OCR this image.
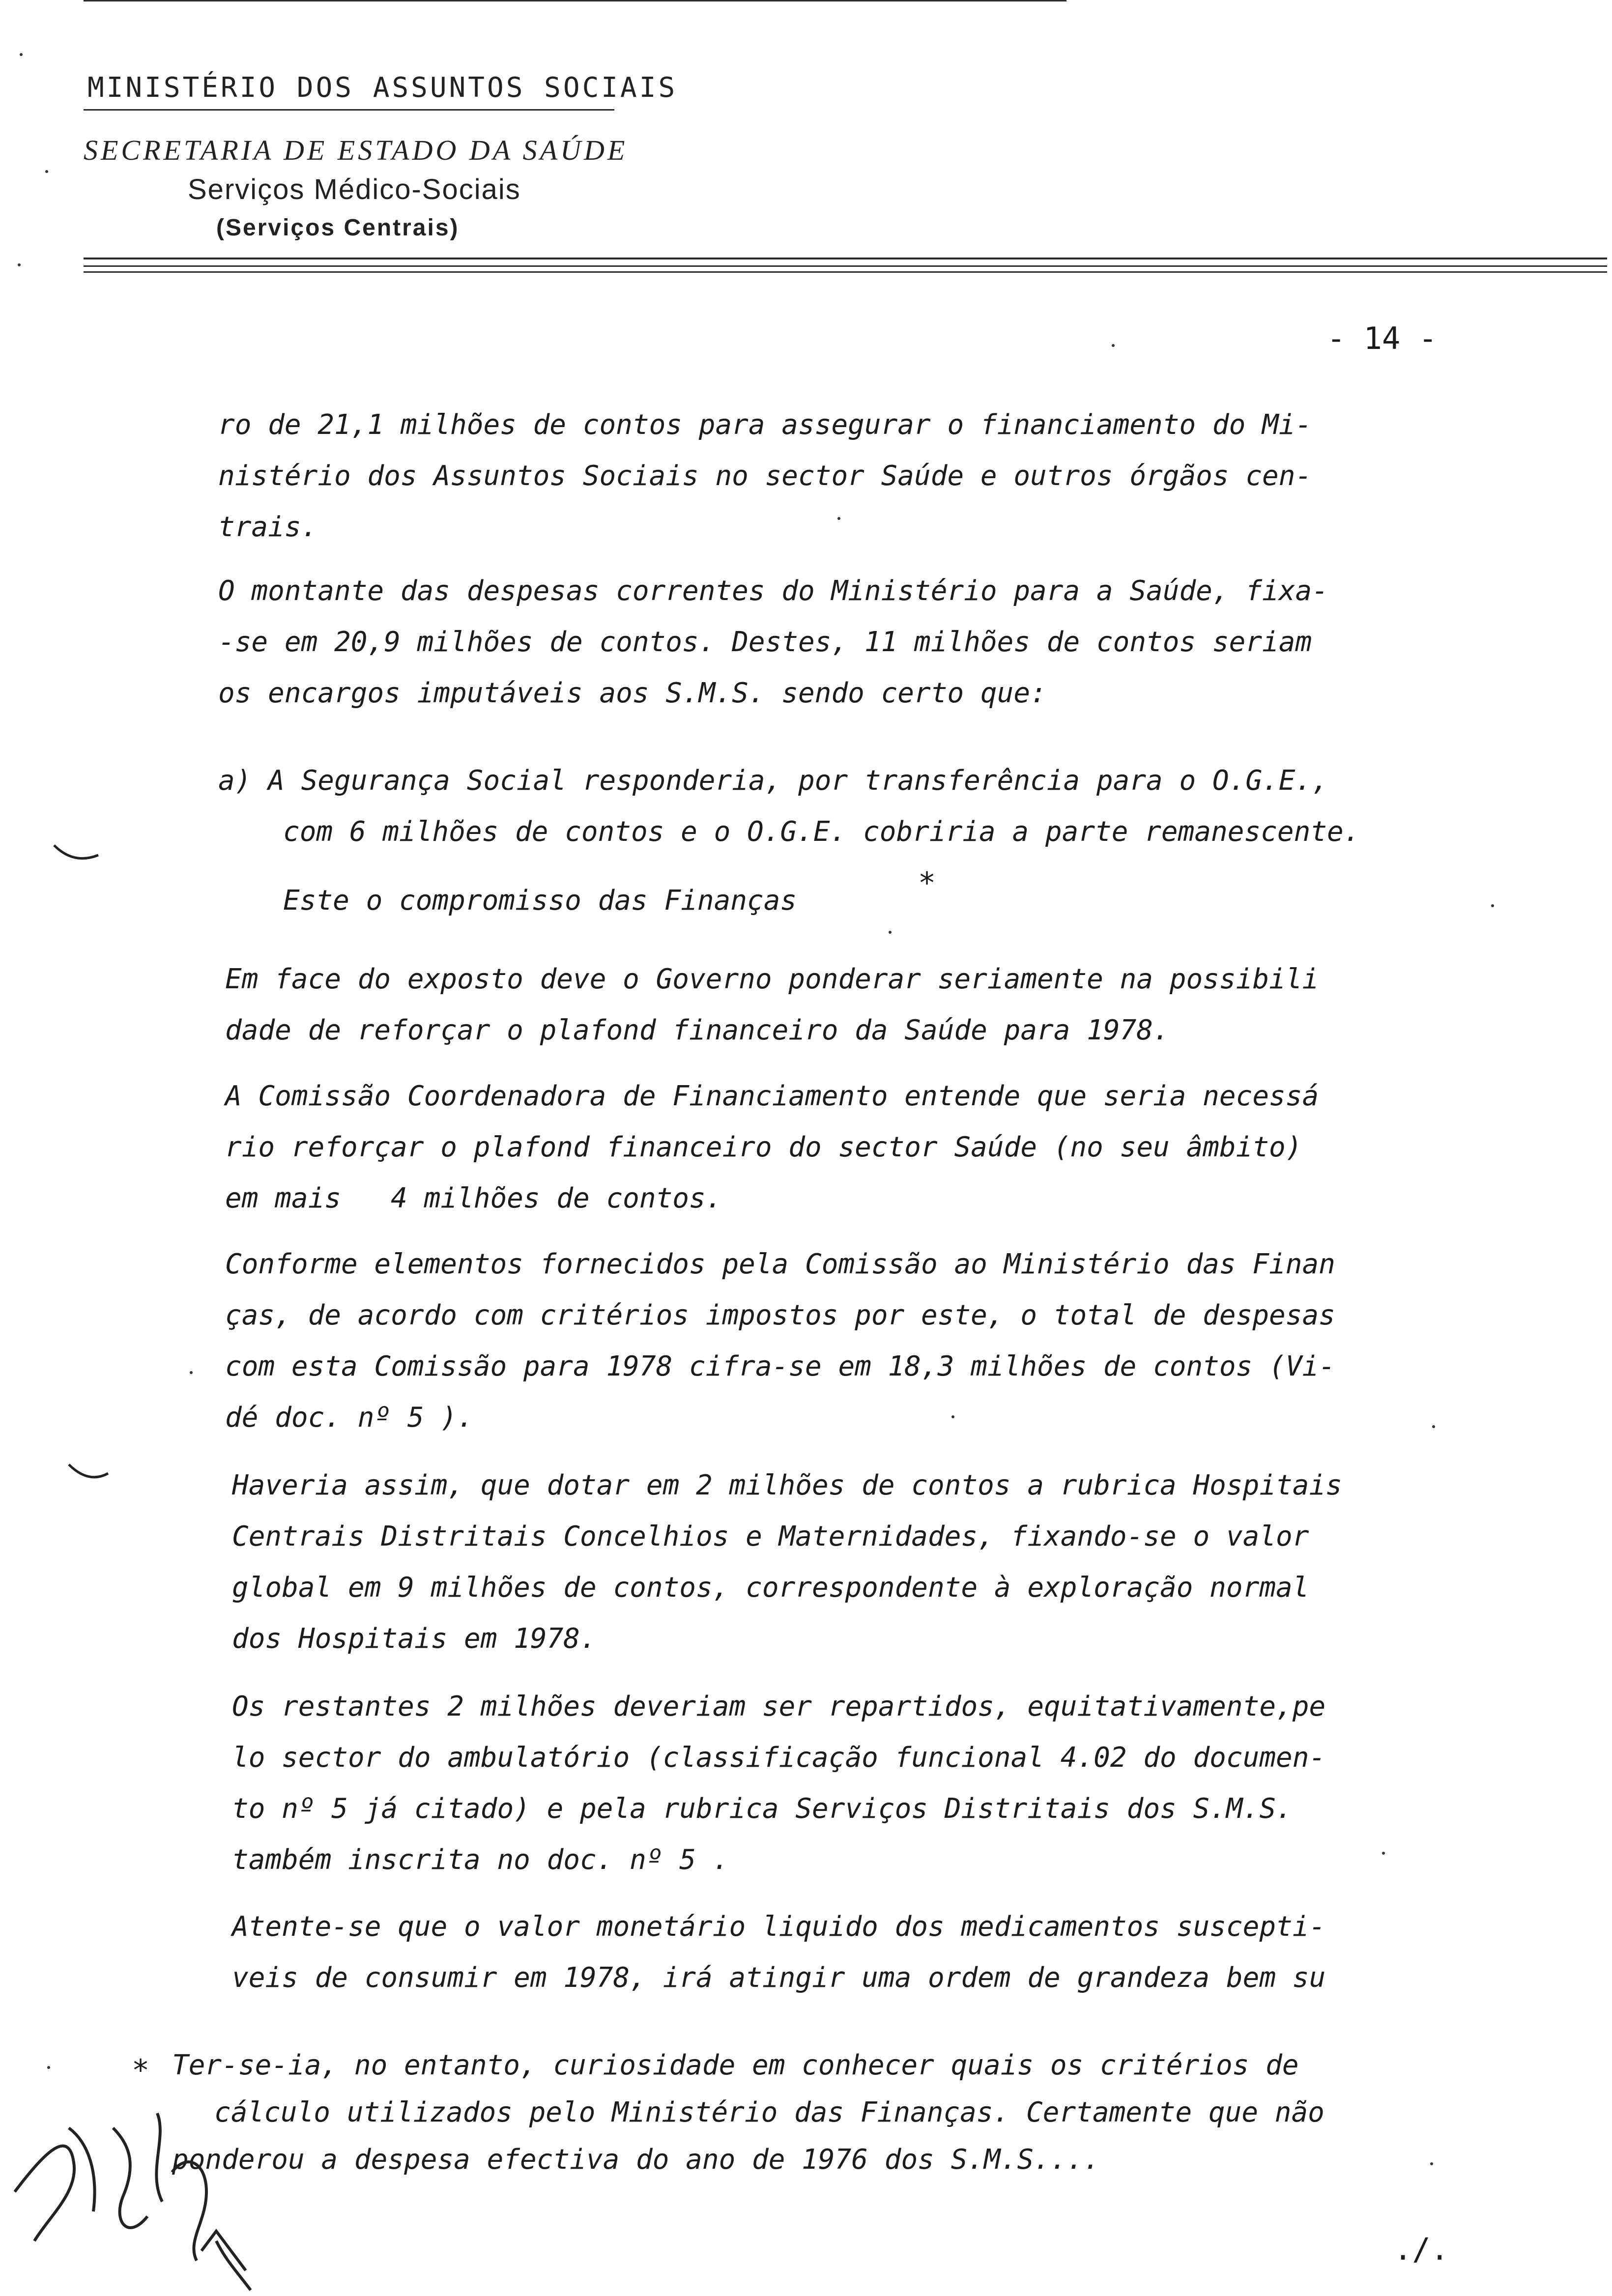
MINISTÉRIO DOS ASSUNTOS SOCIAIS
SECRETARIA DE ESTADO DA SAÚDE
Serviços Médico-Sociais
(Serviços Centrais)
- 14 -
ro de 21,1 milhões de contos para assegurar o financiamento do Mi-
nistério dos Assuntos Sociais no sector Saúde e outros órgãos cen-
trais.
O montante das despesas correntes do Ministério para a Saúde, fixa-
-se em 20,9 milhões de contos. Destes, 11 milhões de contos seriam
os encargos imputáveis aos S.M.S. sendo certo que:
a) A Segurança Social responderia, por transferência para o O.G.E.,
com 6 milhões de contos e o O.G.E. cobriria a parte remanescente.
Este o compromisso das Finanças
*
Em face do exposto deve o Governo ponderar seriamente na possibili
dade de reforçar o plafond financeiro da Saúde para 1978.
A Comissão Coordenadora de Financiamento entende que seria necessá
rio reforçar o plafond financeiro do sector Saúde (no seu âmbito)
em mais   4 milhões de contos.
Conforme elementos fornecidos pela Comissão ao Ministério das Finan
ças, de acordo com critérios impostos por este, o total de despesas
com esta Comissão para 1978 cifra-se em 18,3 milhões de contos (Vi-
dé doc. nº 5 ).
Haveria assim, que dotar em 2 milhões de contos a rubrica Hospitais
Centrais Distritais Concelhios e Maternidades, fixando-se o valor
global em 9 milhões de contos, correspondente à exploração normal
dos Hospitais em 1978.
Os restantes 2 milhões deveriam ser repartidos, equitativamente,pe
lo sector do ambulatório (classificação funcional 4.02 do documen-
to nº 5 já citado) e pela rubrica Serviços Distritais dos S.M.S.
também inscrita no doc. nº 5 .
Atente-se que o valor monetário liquido dos medicamentos suscepti-
veis de consumir em 1978, irá atingir uma ordem de grandeza bem su
* Ter-se-ia, no entanto, curiosidade em conhecer quais os critérios de
cálculo utilizados pelo Ministério das Finanças. Certamente que não
ponderou a despesa efectiva do ano de 1976 dos S.M.S....
./.
